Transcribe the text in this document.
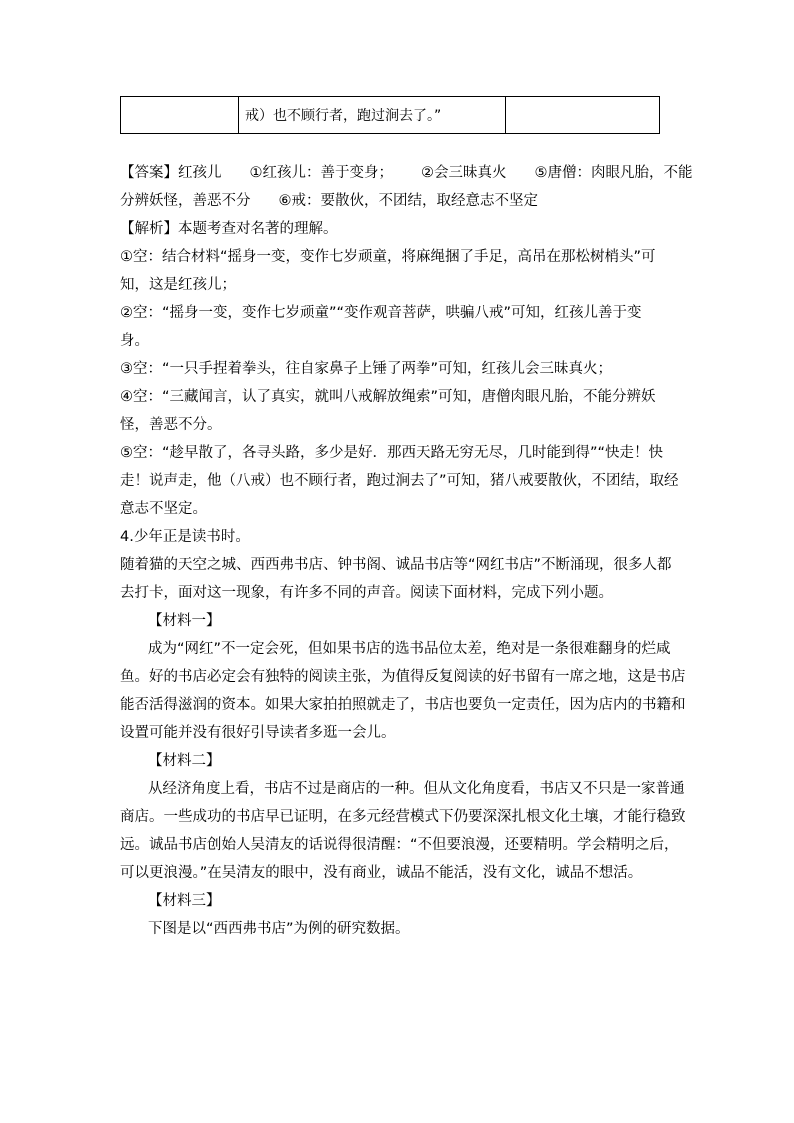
	戒）也不顾行者，跑过涧去了。”	

【答案】红孩儿 ①红孩儿：善于变身； ②会三昧真火 ⑤唐僧：肉眼凡胎，不能

分辨妖怪，善恶不分 ⑥戒：要散伙，不团结，取经意志不坚定

【解析】本题考查对名著的理解。

①空：结合材料“摇身一变，变作七岁顽童，将麻绳捆了手足，高吊在那松树梢头”可

知，这是红孩儿；

②空：“摇身一变，变作七岁顽童”“变作观音菩萨，哄骗八戒”可知，红孩儿善于变

身。

③空：“一只手捏着拳头，往自家鼻子上锤了两拳”可知，红孩儿会三昧真火；

④空：“三藏闻言，认了真实，就叫八戒解放绳索”可知，唐僧肉眼凡胎，不能分辨妖

怪，善恶不分。

⑤空：“趁早散了，各寻头路，多少是好．那西天路无穷无尽，几时能到得”“快走！快

走！说声走，他（八戒）也不顾行者，跑过涧去了”可知，猪八戒要散伙，不团结，取经

意志不坚定。

4.少年正是读书时。

随着猫的天空之城、西西弗书店、钟书阁、诚品书店等“网红书店”不断涌现，很多人都

去打卡，面对这一现象，有许多不同的声音。阅读下面材料，完成下列小题。

【材料一】

成为“网红”不一定会死，但如果书店的选书品位太差，绝对是一条很难翻身的烂咸

鱼。好的书店必定会有独特的阅读主张，为值得反复阅读的好书留有一席之地，这是书店

能否活得滋润的资本。如果大家拍拍照就走了，书店也要负一定责任，因为店内的书籍和

设置可能并没有很好引导读者多逛一会儿。

【材料二】

从经济角度上看，书店不过是商店的一种。但从文化角度看，书店又不只是一家普通

商店。一些成功的书店早已证明，在多元经营模式下仍要深深扎根文化土壤，才能行稳致

远。诚品书店创始人吴清友的话说得很清醒：“不但要浪漫，还要精明。学会精明之后，

可以更浪漫。”在吴清友的眼中，没有商业，诚品不能活，没有文化，诚品不想活。

【材料三】

下图是以“西西弗书店”为例的研究数据。
